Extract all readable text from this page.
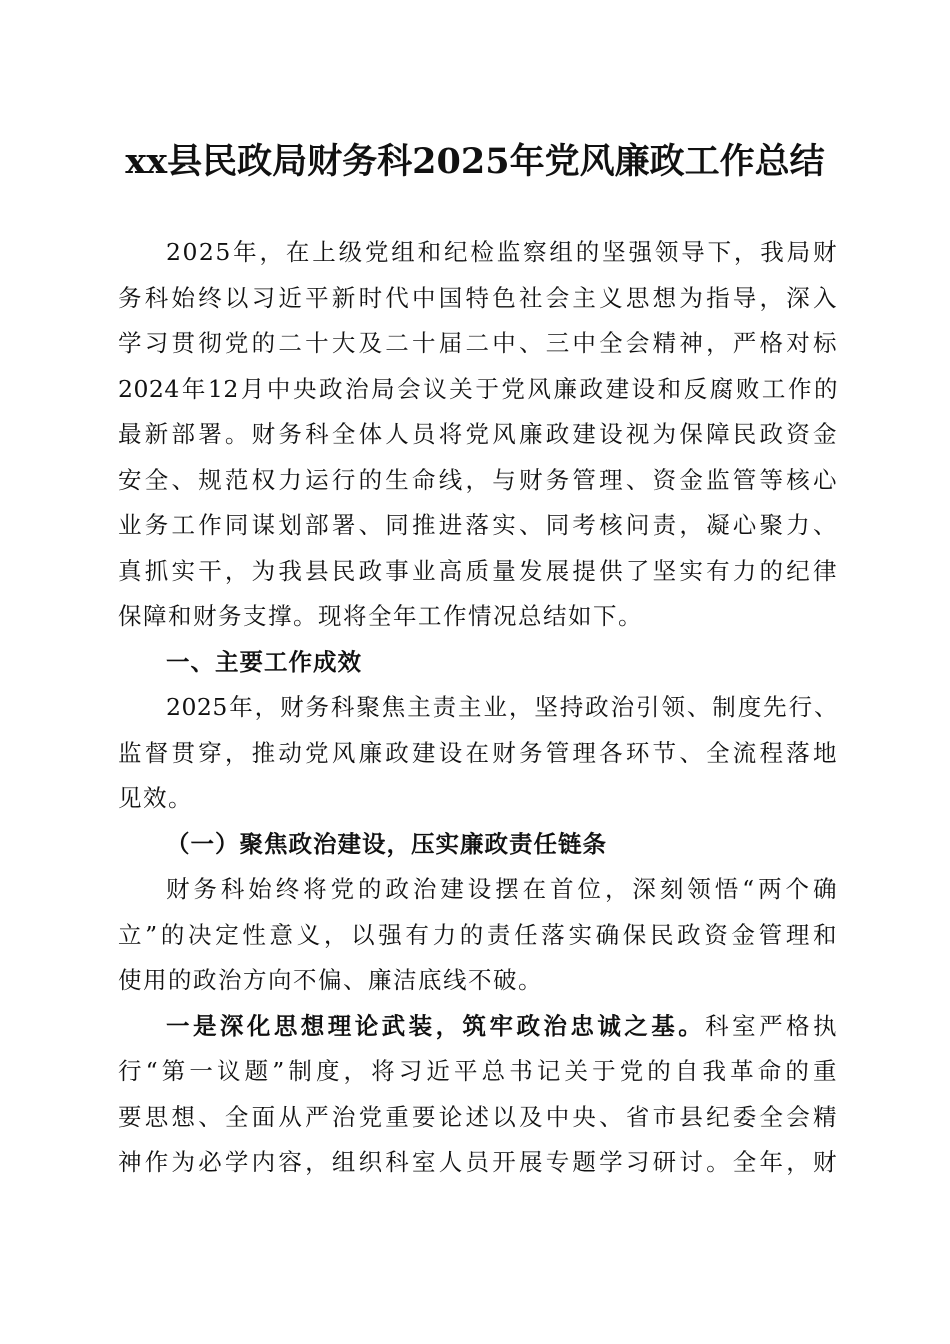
xx县民政局财务科2025年党风廉政工作总结
2025年，在上级党组和纪检监察组的坚强领导下，我局财
务科始终以习近平新时代中国特色社会主义思想为指导，深入
学习贯彻党的二十大及二十届二中、三中全会精神，严格对标
2024年12月中央政治局会议关于党风廉政建设和反腐败工作的
最新部署。财务科全体人员将党风廉政建设视为保障民政资金
安全、规范权力运行的生命线，与财务管理、资金监管等核心
业务工作同谋划部署、同推进落实、同考核问责，凝心聚力、
真抓实干，为我县民政事业高质量发展提供了坚实有力的纪律
保障和财务支撑。现将全年工作情况总结如下。
一、主要工作成效
2025年，财务科聚焦主责主业，坚持政治引领、制度先行、
监督贯穿，推动党风廉政建设在财务管理各环节、全流程落地
见效。
（一）聚焦政治建设，压实廉政责任链条
财务科始终将党的政治建设摆在首位，深刻领悟“两个确
立”的决定性意义，以强有力的责任落实确保民政资金管理和
使用的政治方向不偏、廉洁底线不破。
一是深化思想理论武装，筑牢政治忠诚之基。科室严格执
行“第一议题”制度，将习近平总书记关于党的自我革命的重
要思想、全面从严治党重要论述以及中央、省市县纪委全会精
神作为必学内容，组织科室人员开展专题学习研讨。全年，财
